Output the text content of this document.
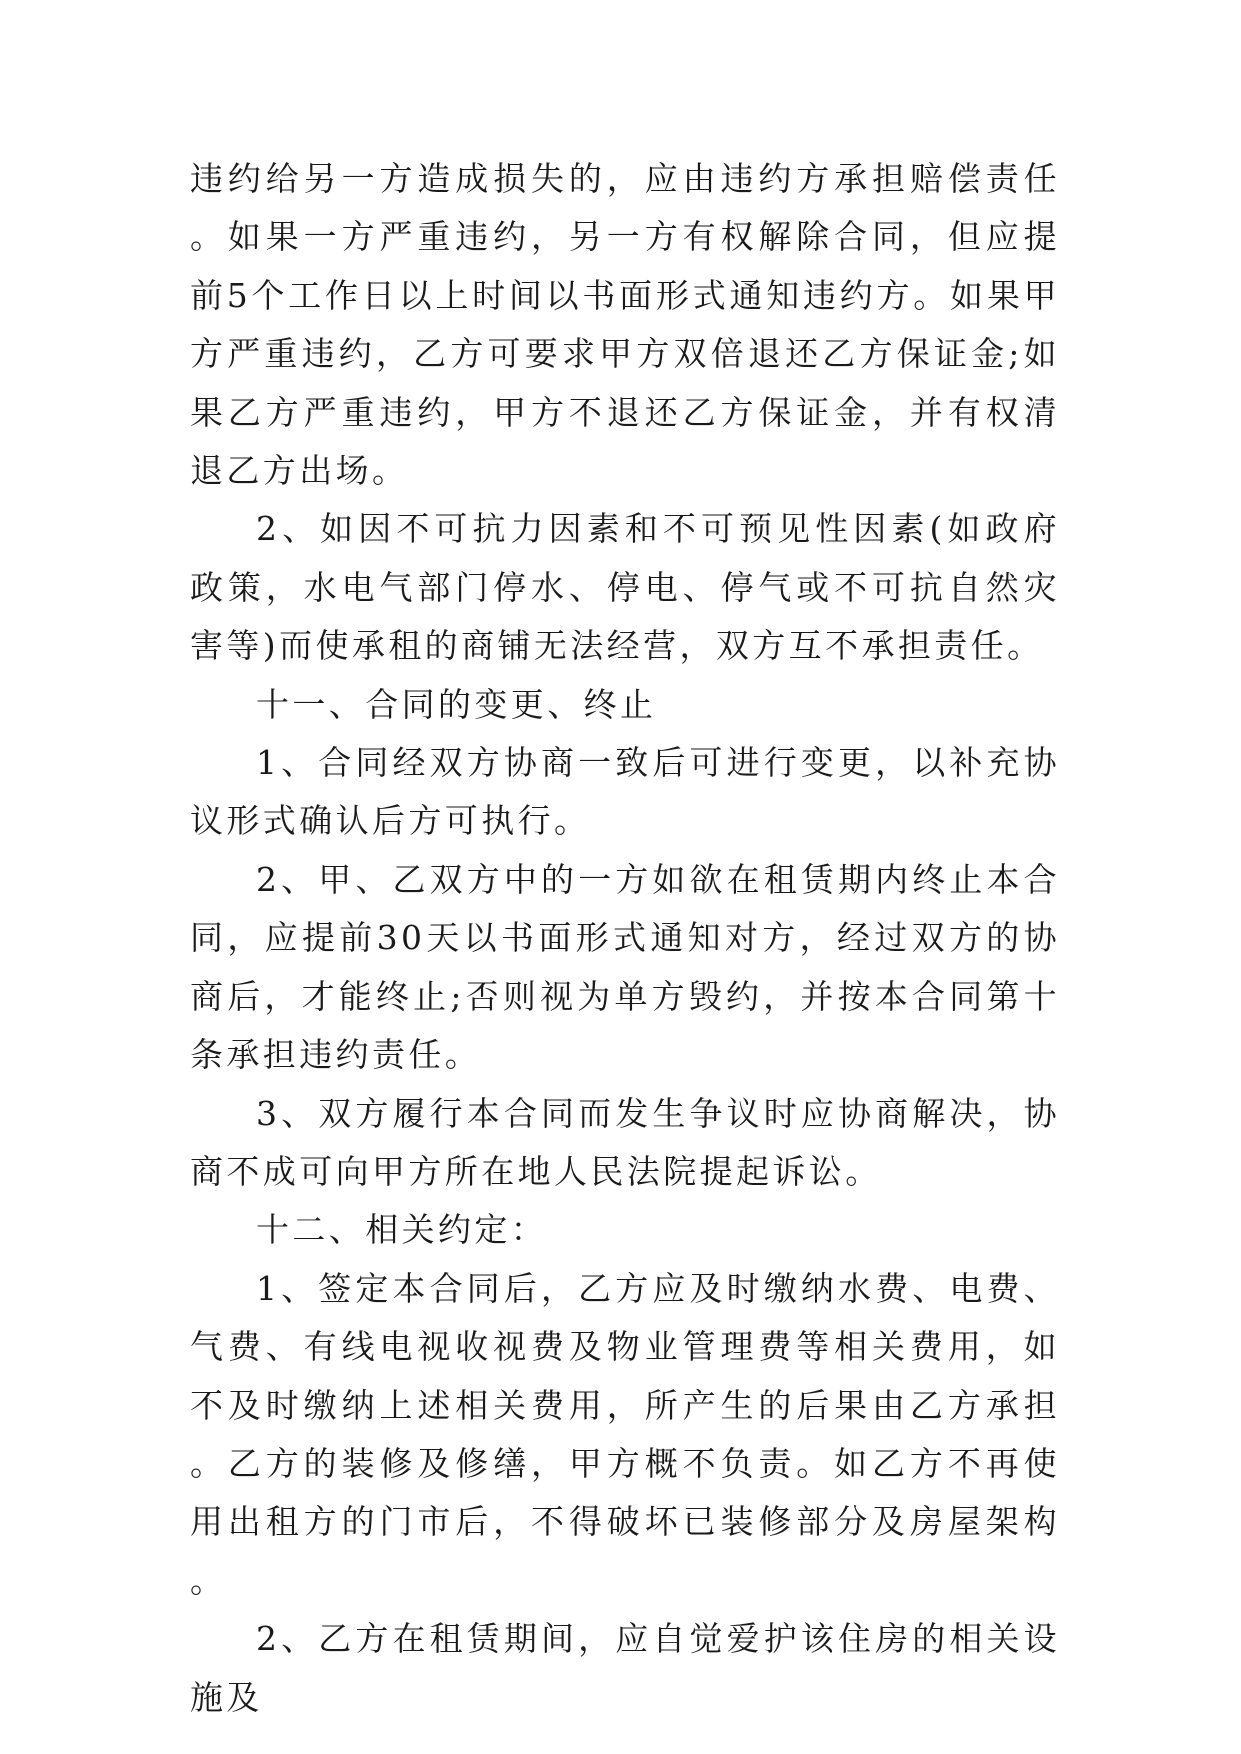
违约给另一方造成损失的，应由违约方承担赔偿责任。如果一方严重违约，另一方有权解除合同，但应提前5个工作日以上时间以书面形式通知违约方。如果甲方严重违约，乙方可要求甲方双倍退还乙方保证金;如果乙方严重违约，甲方不退还乙方保证金，并有权清退乙方出场。

2、如因不可抗力因素和不可预见性因素(如政府政策，水电气部门停水、停电、停气或不可抗自然灾害等)而使承租的商铺无法经营，双方互不承担责任。

十一、合同的变更、终止

1、合同经双方协商一致后可进行变更，以补充协议形式确认后方可执行。

2、甲、乙双方中的一方如欲在租赁期内终止本合同，应提前30天以书面形式通知对方，经过双方的协商后，才能终止;否则视为单方毁约，并按本合同第十条承担违约责任。

3、双方履行本合同而发生争议时应协商解决，协商不成可向甲方所在地人民法院提起诉讼。

十二、相关约定：

1、签定本合同后，乙方应及时缴纳水费、电费、气费、有线电视收视费及物业管理费等相关费用，如不及时缴纳上述相关费用，所产生的后果由乙方承担。乙方的装修及修缮，甲方概不负责。如乙方不再使用出租方的门市后，不得破坏已装修部分及房屋架构。

2、乙方在租赁期间，应自觉爱护该住房的相关设施及
